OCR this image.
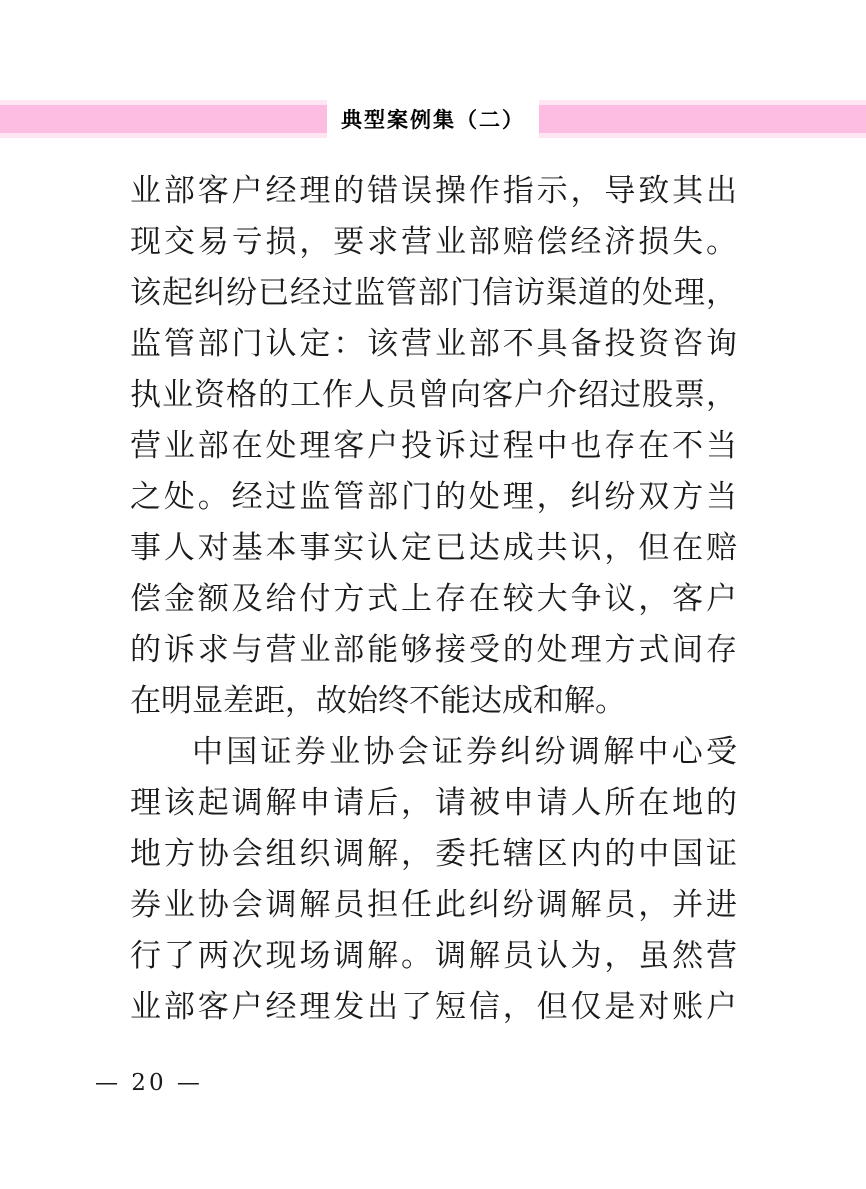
典型案例集（二）
业部客户经理的错误操作指示，导致其出
现交易亏损，要求营业部赔偿经济损失。
该起纠纷已经过监管部门信访渠道的处理，
监管部门认定：该营业部不具备投资咨询
执业资格的工作人员曾向客户介绍过股票，
营业部在处理客户投诉过程中也存在不当
之处。经过监管部门的处理，纠纷双方当
事人对基本事实认定已达成共识，但在赔
偿金额及给付方式上存在较大争议，客户
的诉求与营业部能够接受的处理方式间存
在明显差距，故始终不能达成和解。
中国证券业协会证券纠纷调解中心受
理该起调解申请后，请被申请人所在地的
地方协会组织调解，委托辖区内的中国证
券业协会调解员担任此纠纷调解员，并进
行了两次现场调解。调解员认为，虽然营
业部客户经理发出了短信，但仅是对账户
— 20 —
